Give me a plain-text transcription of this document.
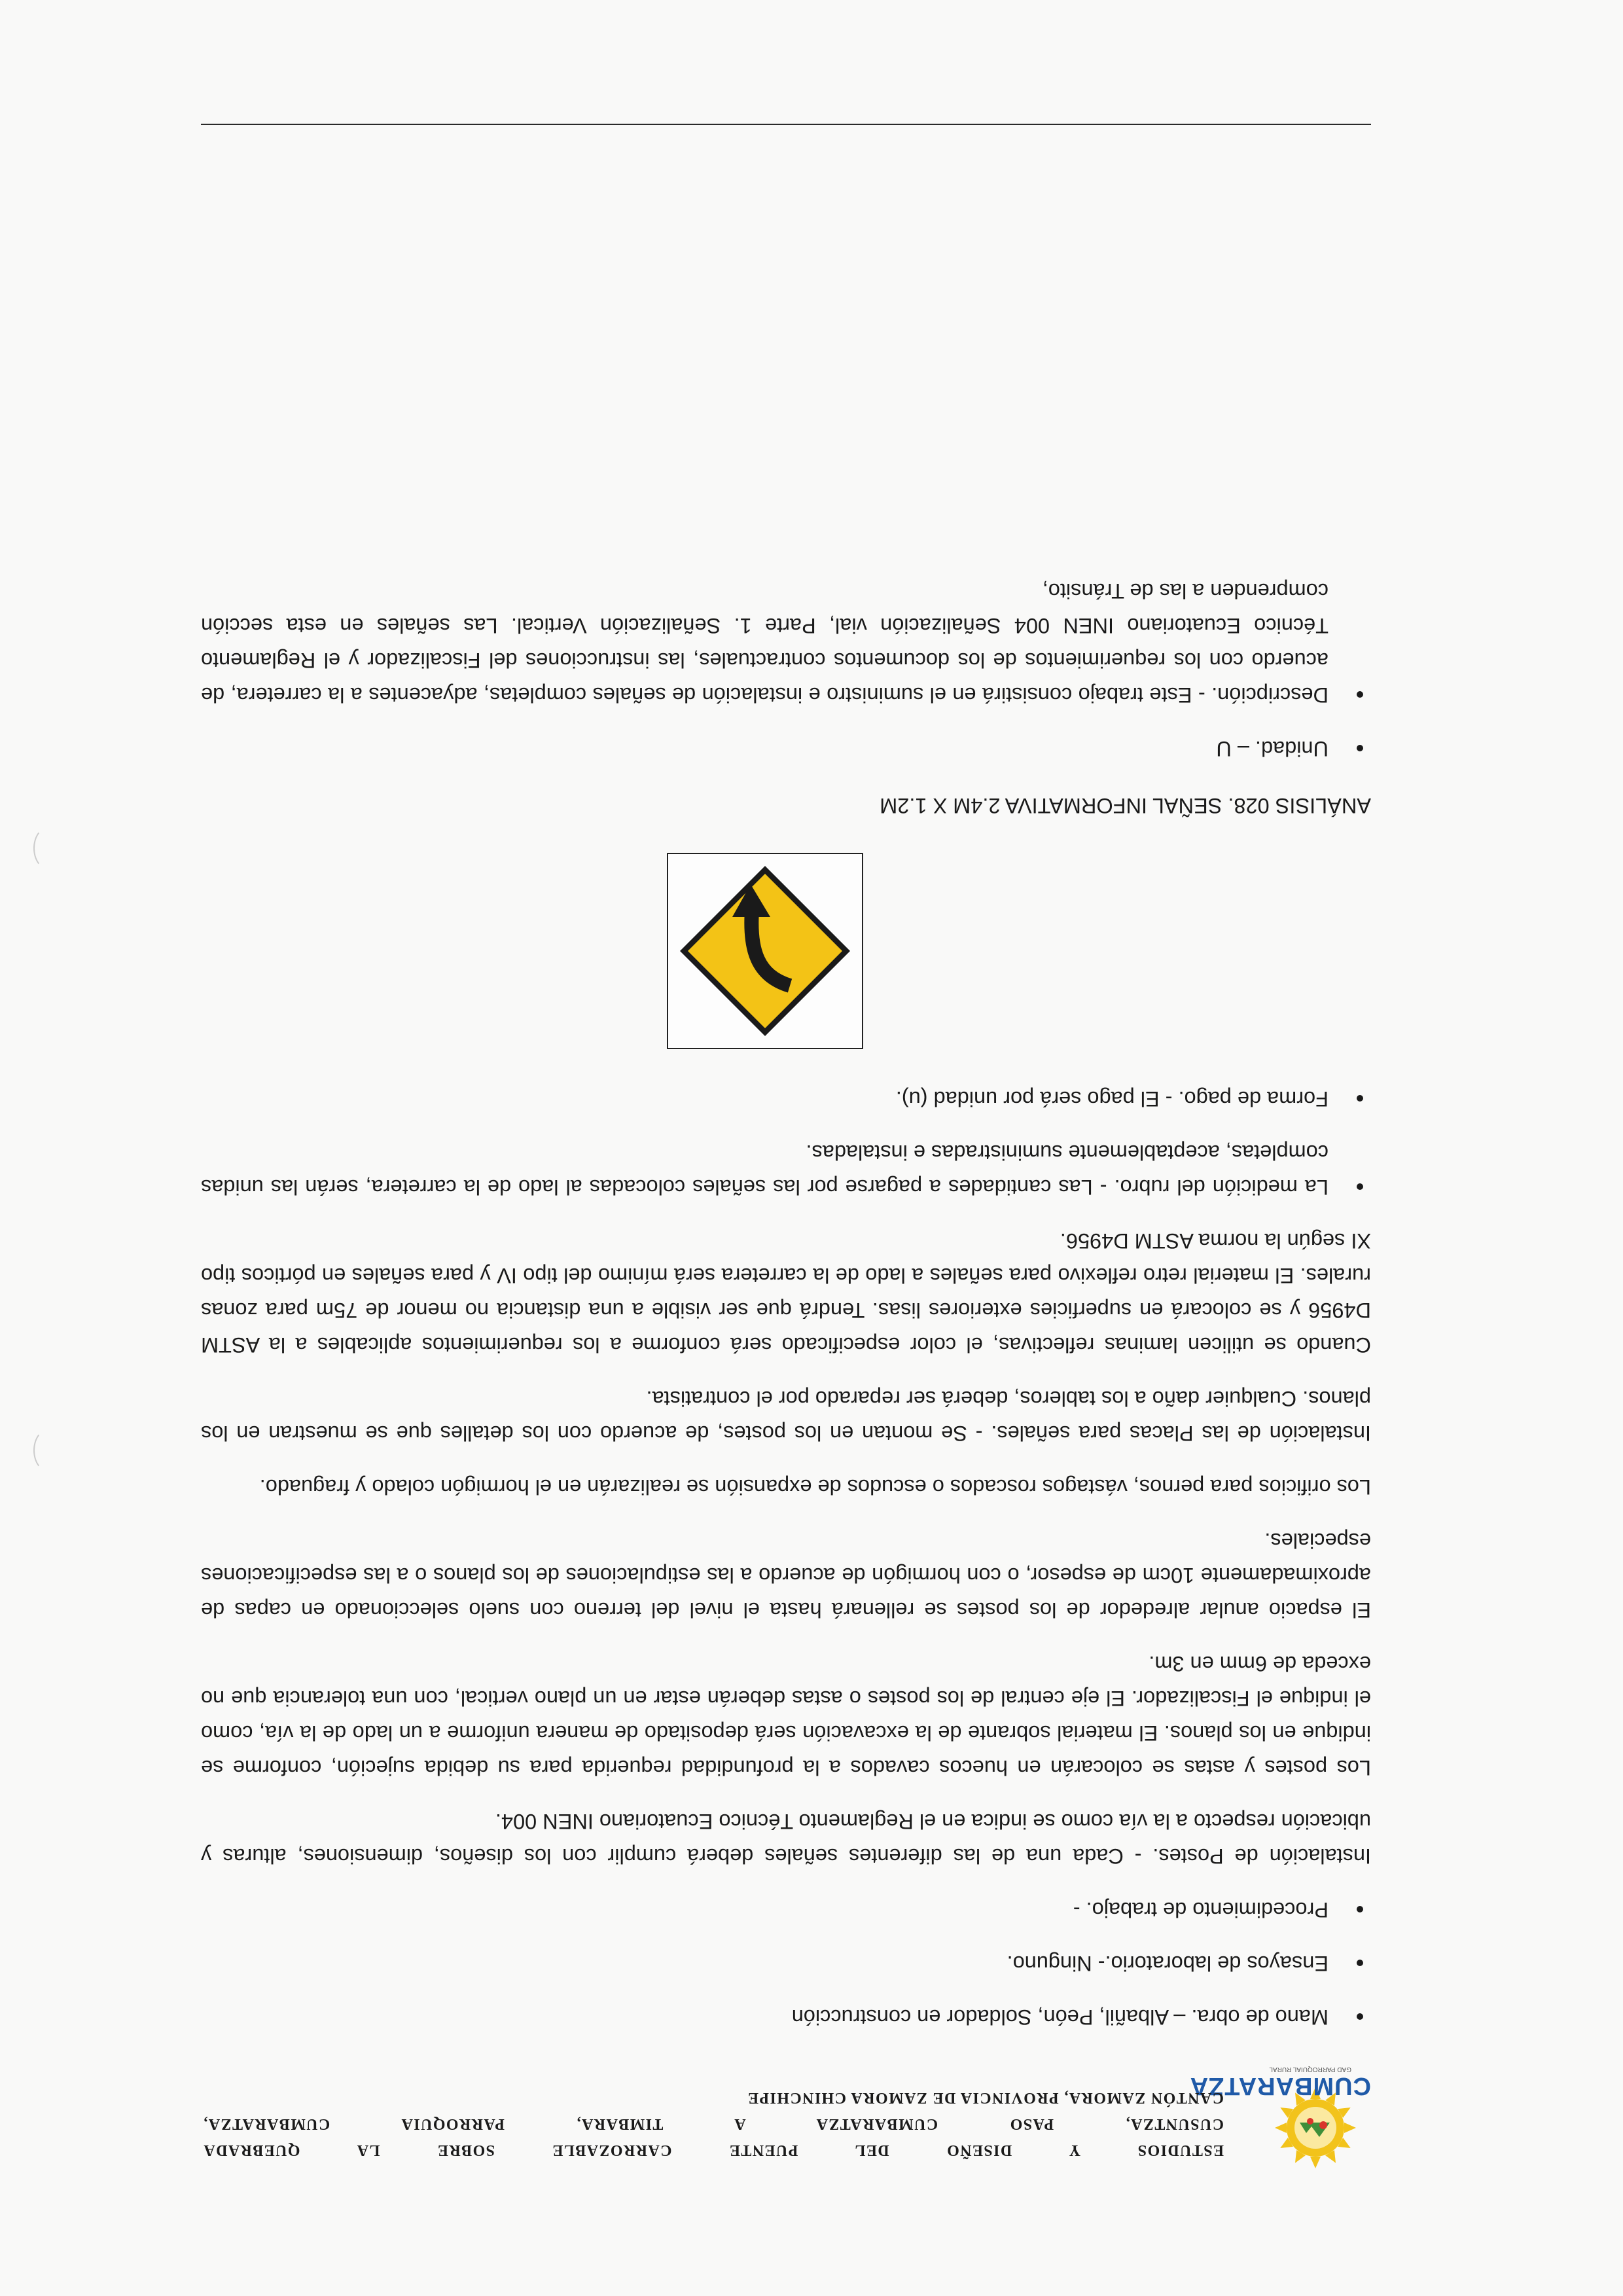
CUMBARATZA
GAD PARROQUIAL RURAL
ESTUDIOS Y DISEÑO DEL PUENTE CARROZABLE SOBRE LA QUEBRADA
CUSUNTZA, PASO CUMBARATZA A TIMBARA, PARROQUIA CUMBARATZA,
CANTÓN ZAMORA, PROVINCIA DE ZAMORA CHINCHIPE
Mano de obra. – Albañil, Peón, Soldador en construcción
Ensayos de laboratorio.- Ninguno.
Procedimiento de trabajo. -

Instalación de Postes. - Cada una de las diferentes señales deberá cumplir con los diseños, dimensiones, alturas y ubicación respecto a la vía como se indica en el Reglamento Técnico Ecuatoriano INEN 004.

Los postes y astas se colocarán en huecos cavados a la profundidad requerida para su debida sujeción, conforme se indique en los planos. El material sobrante de la excavación será depositado de manera uniforme a un lado de la vía, como el indique el Fiscalizador. El eje central de los postes o astas deberán estar en un plano vertical, con una tolerancia que no exceda de 6mm en 3m.

El espacio anular alrededor de los postes se rellenará hasta el nivel del terreno con suelo seleccionado en capas de aproximadamente 10cm de espesor, o con hormigón de acuerdo a las estipulaciones de los planos o a las especificaciones especiales.

Los orificios para pernos, vástagos roscados o escudos de expansión se realizarán en el hormigón colado y fraguado.

Instalación de las Placas para señales. - Se montan en los postes, de acuerdo con los detalles que se muestran en los planos. Cualquier daño a los tableros, deberá ser reparado por el contratista.

Cuando se utilicen laminas reflectivas, el color especificado será conforme a los requerimientos aplicables a la ASTM D4956 y se colocará en superficies exteriores lisas. Tendrá que ser visible a una distancia no menor de 75m para zonas rurales. El material retro reflexivo para señales a lado de la carretera será mínimo del tipo IV y para señales en pórticos tipo XI según la norma ASTM D4956.

La medición del rubro. - Las cantidades a pagarse por las señales colocadas al lado de la carretera, serán las unidas completas, aceptablemente suministradas e instaladas.
Forma de pago. - El pago será por unidad (u).
ANÁLISIS 028. SEÑAL INFORMATIVA 2.4M X 1.2M
Unidad. – U
Descripción. - Este trabajo consistirá en el suministro e instalación de señales completas, adyacentes a la carretera, de acuerdo con los requerimientos de los documentos contractuales, las instrucciones del Fiscalizador y el Reglamento Técnico Ecuatoriano INEN 004 Señalización vial, Parte 1. Señalización Vertical. Las señales en esta sección comprenden a las de Tránsito,
